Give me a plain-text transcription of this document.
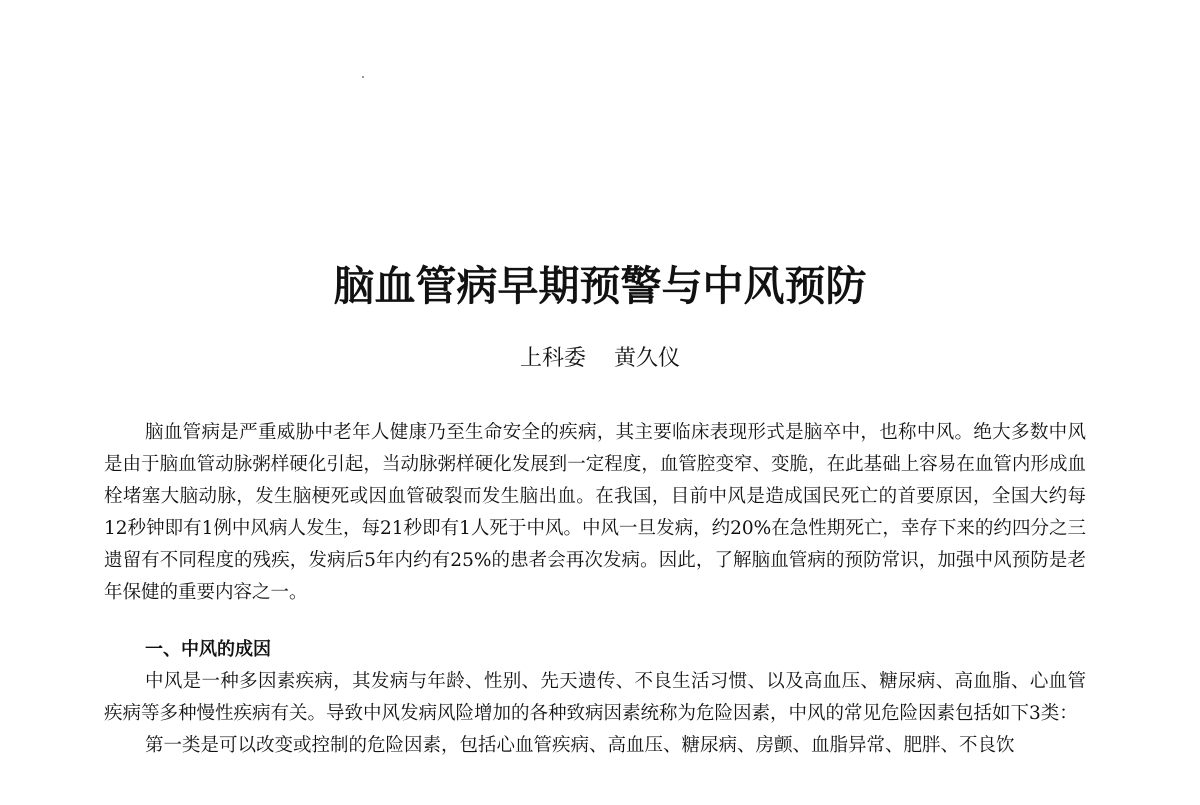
脑血管病早期预警与中风预防
上科委 黄久仪

脑血管病是严重威胁中老年人健康乃至生命安全的疾病，其主要临床表现形式是脑卒中，也称中风。绝大多数中风是由于脑血管动脉粥样硬化引起，当动脉粥样硬化发展到一定程度，血管腔变窄、变脆，在此基础上容易在血管内形成血栓堵塞大脑动脉，发生脑梗死或因血管破裂而发生脑出血。在我国，目前中风是造成国民死亡的首要原因，全国大约每12秒钟即有1例中风病人发生，每21秒即有1人死于中风。中风一旦发病，约20%在急性期死亡，幸存下来的约四分之三遗留有不同程度的残疾，发病后5年内约有25%的患者会再次发病。因此，了解脑血管病的预防常识，加强中风预防是老年保健的重要内容之一。

一、中风的成因

中风是一种多因素疾病，其发病与年龄、性别、先天遗传、不良生活习惯、以及高血压、糖尿病、高血脂、心血管疾病等多种慢性疾病有关。导致中风发病风险增加的各种致病因素统称为危险因素，中风的常见危险因素包括如下3类：

第一类是可以改变或控制的危险因素，包括心血管疾病、高血压、糖尿病、房颤、血脂异常、肥胖、不良饮
